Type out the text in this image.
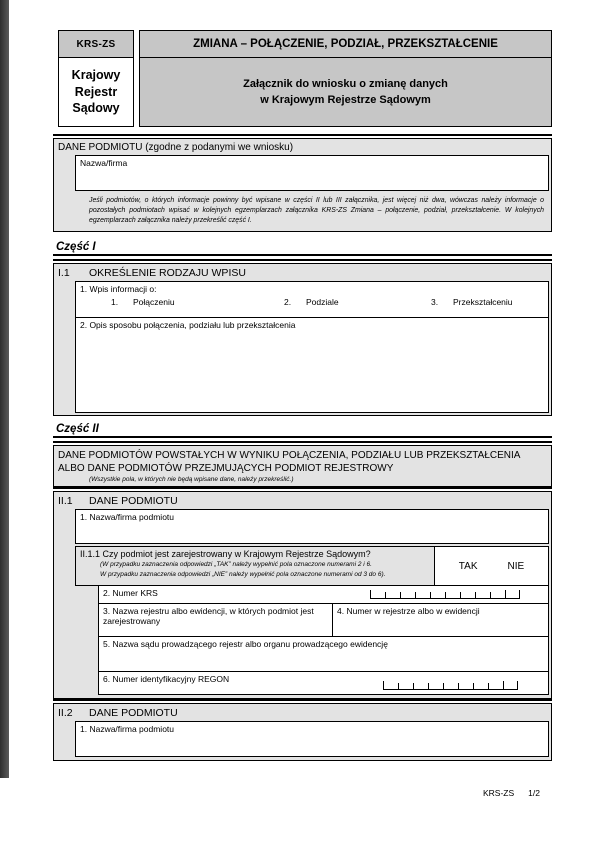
KRS-ZS
Krajowy
Rejestr
Sądowy
ZMIANA – POŁĄCZENIE, PODZIAŁ, PRZEKSZTAŁCENIE
Załącznik do wniosku o zmianę danych
w Krajowym Rejestrze Sądowym
DANE PODMIOTU (zgodne z podanymi we wniosku)
Nazwa/firma

Jeśli podmiotów, o których informacje powinny być wpisane w części II lub III załącznika, jest więcej niż dwa, wówczas należy informacje o pozostałych podmiotach wpisać w kolejnych egzemplarzach załącznika KRS-ZS Zmiana – połączenie, podział, przekształcenie. W kolejnych egzemplarzach załącznika należy przekreślić część I.

Część I
I.1	OKREŚLENIE RODZAJU WPISU
1. Wpis informacji o:
1. Połączeniu	2. Podziale	3. Przekształceniu
2. Opis sposobu połączenia, podziału lub przekształcenia
Część II
DANE PODMIOTÓW POWSTAŁYCH W WYNIKU POŁĄCZENIA, PODZIAŁU LUB PRZEKSZTAŁCENIA
ALBO DANE PODMIOTÓW PRZEJMUJĄCYCH PODMIOT REJESTROWY
(Wszystkie pola, w których nie będą wpisane dane, należy przekreślić.)
II.1	DANE PODMIOTU
1. Nazwa/firma podmiotu
II.1.1 Czy podmiot jest zarejestrowany w Krajowym Rejestrze Sądowym?
(W przypadku zaznaczenia odpowiedzi „TAK” należy wypełnić pola oznaczone numerami 2 i 6.
W przypadku zaznaczenia odpowiedzi „NIE” należy wypełnić pola oznaczone numerami od 3 do 6).
TAK	NIE
2. Numer KRS
3. Nazwa rejestru albo ewidencji, w których podmiot jest zarejestrowany
4. Numer w rejestrze albo w ewidencji
5. Nazwa sądu prowadzącego rejestr albo organu prowadzącego ewidencję
6. Numer identyfikacyjny REGON
II.2	DANE PODMIOTU
1. Nazwa/firma podmiotu
KRS-ZS 1/2
